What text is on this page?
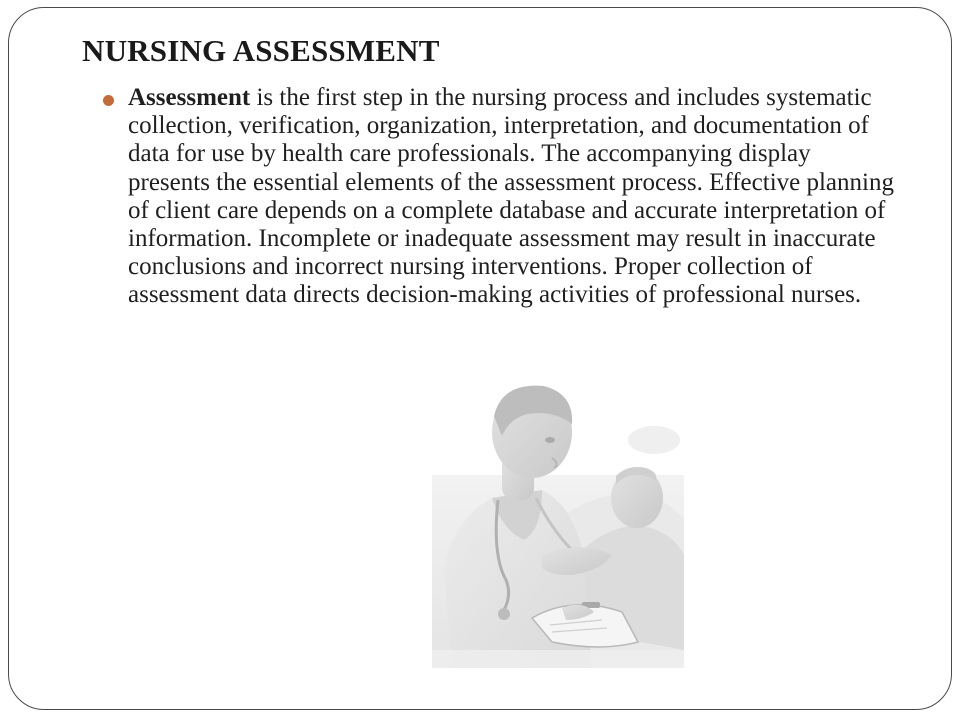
NURSING ASSESSMENT
Assessment is the first step in the nursing process and includes systematic collection, verification, organization, interpretation, and documentation of data for use by health care professionals. The accompanying display presents the essential elements of the assessment process. Effective planning of client care depends on a complete database and accurate interpretation of information. Incomplete or inadequate assessment may result in inaccurate conclusions and incorrect nursing interventions. Proper collection of assessment data directs decision-making activities of professional nurses.
